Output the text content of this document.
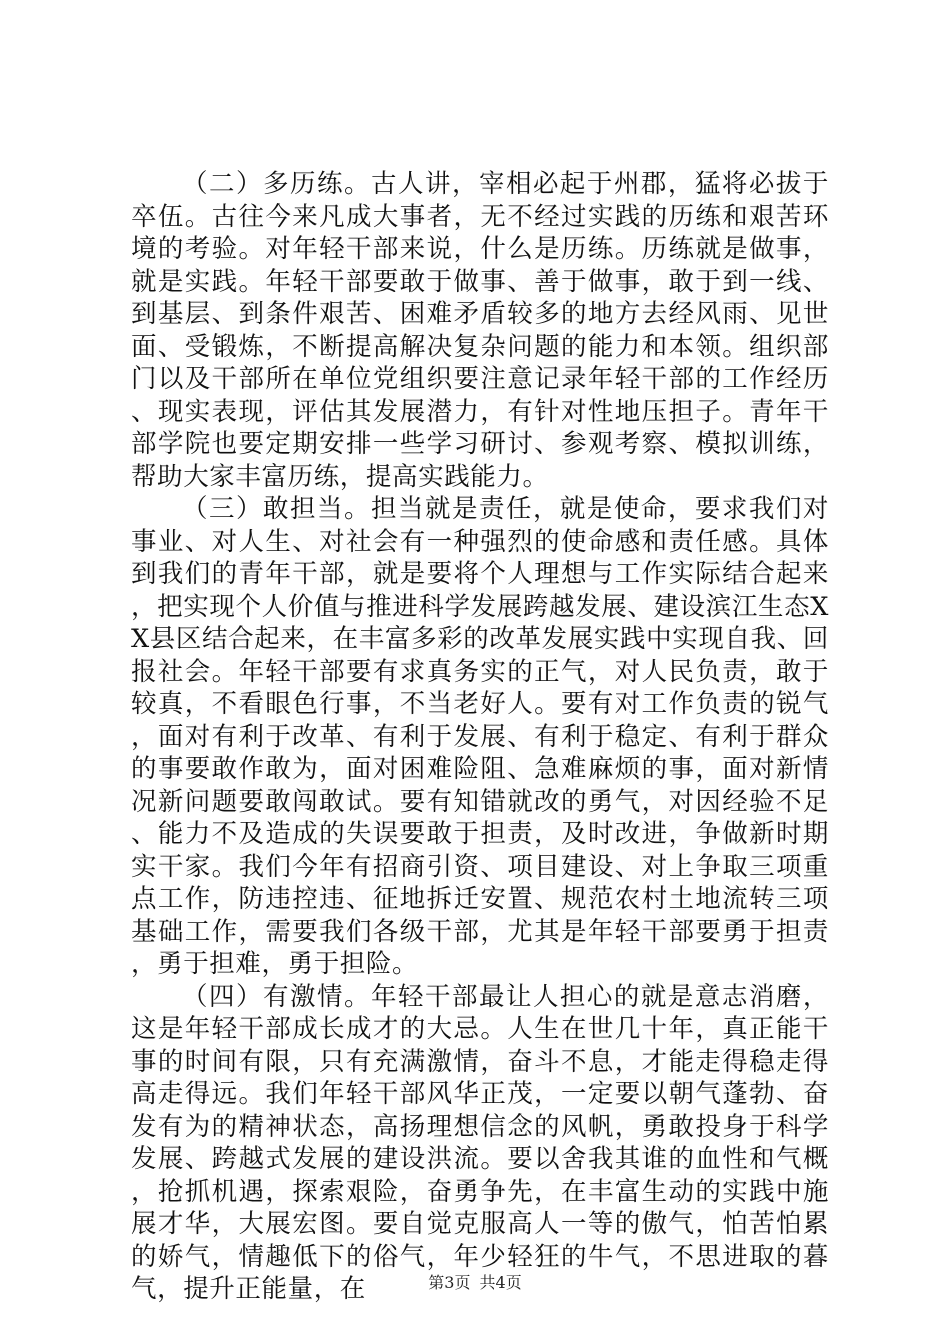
（二）多历练。古人讲，宰相必起于州郡，猛将必拔于卒伍。古往今来凡成大事者，无不经过实践的历练和艰苦环境的考验。对年轻干部来说，什么是历练。历练就是做事，就是实践。年轻干部要敢于做事、善于做事，敢于到一线、到基层、到条件艰苦、困难矛盾较多的地方去经风雨、见世面、受锻炼，不断提高解决复杂问题的能力和本领。组织部门以及干部所在单位党组织要注意记录年轻干部的工作经历、现实表现，评估其发展潜力，有针对性地压担子。青年干部学院也要定期安排一些学习研讨、参观考察、模拟训练，帮助大家丰富历练，提高实践能力。

（三）敢担当。担当就是责任，就是使命，要求我们对事业、对人生、对社会有一种强烈的使命感和责任感。具体到我们的青年干部，就是要将个人理想与工作实际结合起来，把实现个人价值与推进科学发展跨越发展、建设滨江生态XX县区结合起来，在丰富多彩的改革发展实践中实现自我、回报社会。年轻干部要有求真务实的正气，对人民负责，敢于较真，不看眼色行事，不当老好人。要有对工作负责的锐气，面对有利于改革、有利于发展、有利于稳定、有利于群众的事要敢作敢为，面对困难险阻、急难麻烦的事，面对新情况新问题要敢闯敢试。要有知错就改的勇气，对因经验不足、能力不及造成的失误要敢于担责，及时改进，争做新时期实干家。我们今年有招商引资、项目建设、对上争取三项重点工作，防违控违、征地拆迁安置、规范农村土地流转三项基础工作，需要我们各级干部，尤其是年轻干部要勇于担责，勇于担难，勇于担险。

（四）有激情。年轻干部最让人担心的就是意志消磨，这是年轻干部成长成才的大忌。人生在世几十年，真正能干事的时间有限，只有充满激情，奋斗不息，才能走得稳走得高走得远。我们年轻干部风华正茂，一定要以朝气蓬勃、奋发有为的精神状态，高扬理想信念的风帆，勇敢投身于科学发展、跨越式发展的建设洪流。要以舍我其谁的血性和气概，抢抓机遇，探索艰险，奋勇争先，在丰富生动的实践中施展才华，大展宏图。要自觉克服高人一等的傲气，怕苦怕累的娇气，情趣低下的俗气，年少轻狂的牛气，不思进取的暮气，提升正能量，在	第3页 共4页
